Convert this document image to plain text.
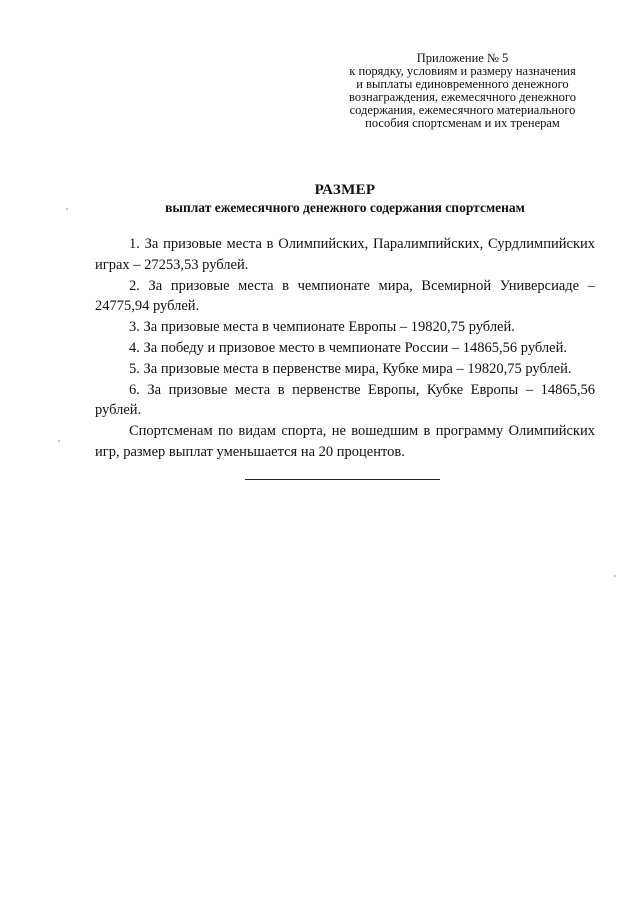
Приложение № 5
к порядку, условиям и размеру назначения
и выплаты единовременного денежного
вознаграждения, ежемесячного денежного
содержания, ежемесячного материального
пособия спортсменам и их тренерам
РАЗМЕР
выплат ежемесячного денежного содержания спортсменам

1. За призовые места в Олимпийских, Паралимпийских, Сурдлимпийских играх – 27253,53 рублей.

2. За призовые места в чемпионате мира, Всемирной Универсиаде – 24775,94 рублей.

3. За призовые места в чемпионате Европы – 19820,75 рублей.

4. За победу и призовое место в чемпионате России – 14865,56 рублей.

5. За призовые места в первенстве мира, Кубке мира – 19820,75 рублей.

6. За призовые места в первенстве Европы, Кубке Европы – 14865,56 рублей.

Спортсменам по видам спорта, не вошедшим в программу Олимпийских игр, размер выплат уменьшается на 20 процентов.
